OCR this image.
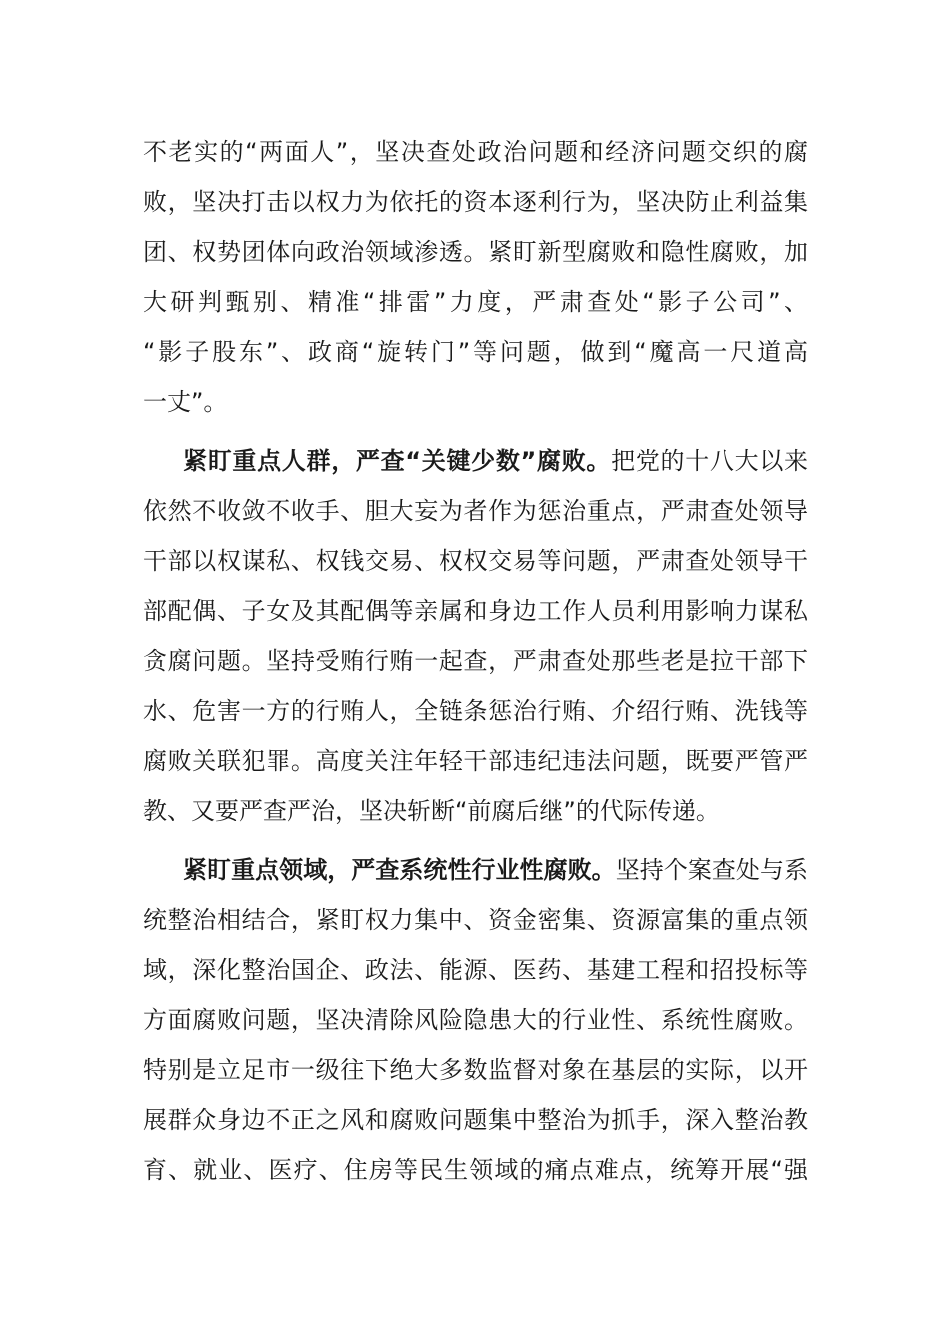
不老实的“两面人”，坚决查处政治问题和经济问题交织的腐
败，坚决打击以权力为依托的资本逐利行为，坚决防止利益集
团、权势团体向政治领域渗透。紧盯新型腐败和隐性腐败，加
大研判甄别、精准“排雷”力度，严肃查处“影子公司”、
“影子股东”、政商“旋转门”等问题，做到“魔高一尺道高
一丈”。
紧盯重点人群，严查“关键少数”腐败。把党的十八大以来
依然不收敛不收手、胆大妄为者作为惩治重点，严肃查处领导
干部以权谋私、权钱交易、权权交易等问题，严肃查处领导干
部配偶、子女及其配偶等亲属和身边工作人员利用影响力谋私
贪腐问题。坚持受贿行贿一起查，严肃查处那些老是拉干部下
水、危害一方的行贿人，全链条惩治行贿、介绍行贿、洗钱等
腐败关联犯罪。高度关注年轻干部违纪违法问题，既要严管严
教、又要严查严治，坚决斩断“前腐后继”的代际传递。
紧盯重点领域，严查系统性行业性腐败。坚持个案查处与系
统整治相结合，紧盯权力集中、资金密集、资源富集的重点领
域，深化整治国企、政法、能源、医药、基建工程和招投标等
方面腐败问题，坚决清除风险隐患大的行业性、系统性腐败。
特别是立足市一级往下绝大多数监督对象在基层的实际，以开
展群众身边不正之风和腐败问题集中整治为抓手，深入整治教
育、就业、医疗、住房等民生领域的痛点难点，统筹开展“强
